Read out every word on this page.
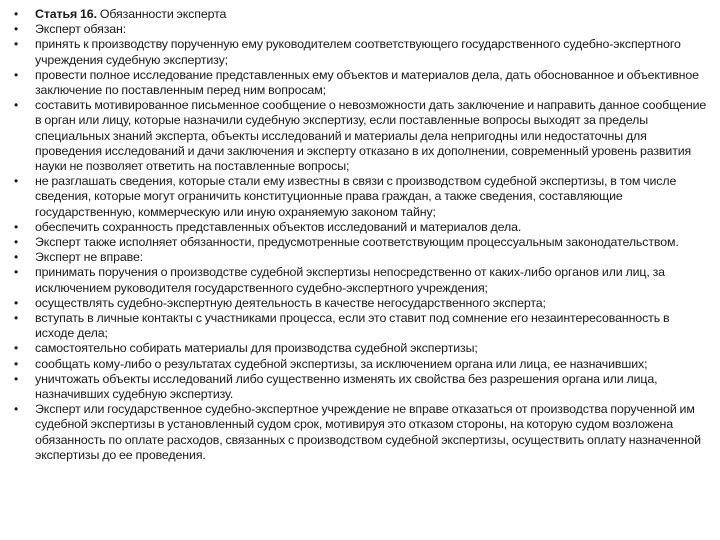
• Статья 16. Обязанности эксперта
• Эксперт обязан:
• принять к производству порученную ему руководителем соответствующего государственного судебно-экспертного учреждения судебную экспертизу;
• провести полное исследование представленных ему объектов и материалов дела, дать обоснованное и объективное заключение по поставленным перед ним вопросам;
• составить мотивированное письменное сообщение о невозможности дать заключение и направить данное сообщение в орган или лицу, которые назначили судебную экспертизу, если поставленные вопросы выходят за пределы специальных знаний эксперта, объекты исследований и материалы дела непригодны или недостаточны для проведения исследований и дачи заключения и эксперту отказано в их дополнении, современный уровень развития науки не позволяет ответить на поставленные вопросы;
• не разглашать сведения, которые стали ему известны в связи с производством судебной экспертизы, в том числе сведения, которые могут ограничить конституционные права граждан, а также сведения, составляющие государственную, коммерческую или иную охраняемую законом тайну;
• обеспечить сохранность представленных объектов исследований и материалов дела.
• Эксперт также исполняет обязанности, предусмотренные соответствующим процессуальным законодательством.
• Эксперт не вправе:
• принимать поручения о производстве судебной экспертизы непосредственно от каких-либо органов или лиц, за исключением руководителя государственного судебно-экспертного учреждения;
• осуществлять судебно-экспертную деятельность в качестве негосударственного эксперта;
• вступать в личные контакты с участниками процесса, если это ставит под сомнение его незаинтересованность в исходе дела;
• самостоятельно собирать материалы для производства судебной экспертизы;
• сообщать кому-либо о результатах судебной экспертизы, за исключением органа или лица, ее назначивших;
• уничтожать объекты исследований либо существенно изменять их свойства без разрешения органа или лица, назначивших судебную экспертизу.
• Эксперт или государственное судебно-экспертное учреждение не вправе отказаться от производства порученной им судебной экспертизы в установленный судом срок, мотивируя это отказом стороны, на которую судом возложена обязанность по оплате расходов, связанных с производством судебной экспертизы, осуществить оплату назначенной экспертизы до ее проведения.
